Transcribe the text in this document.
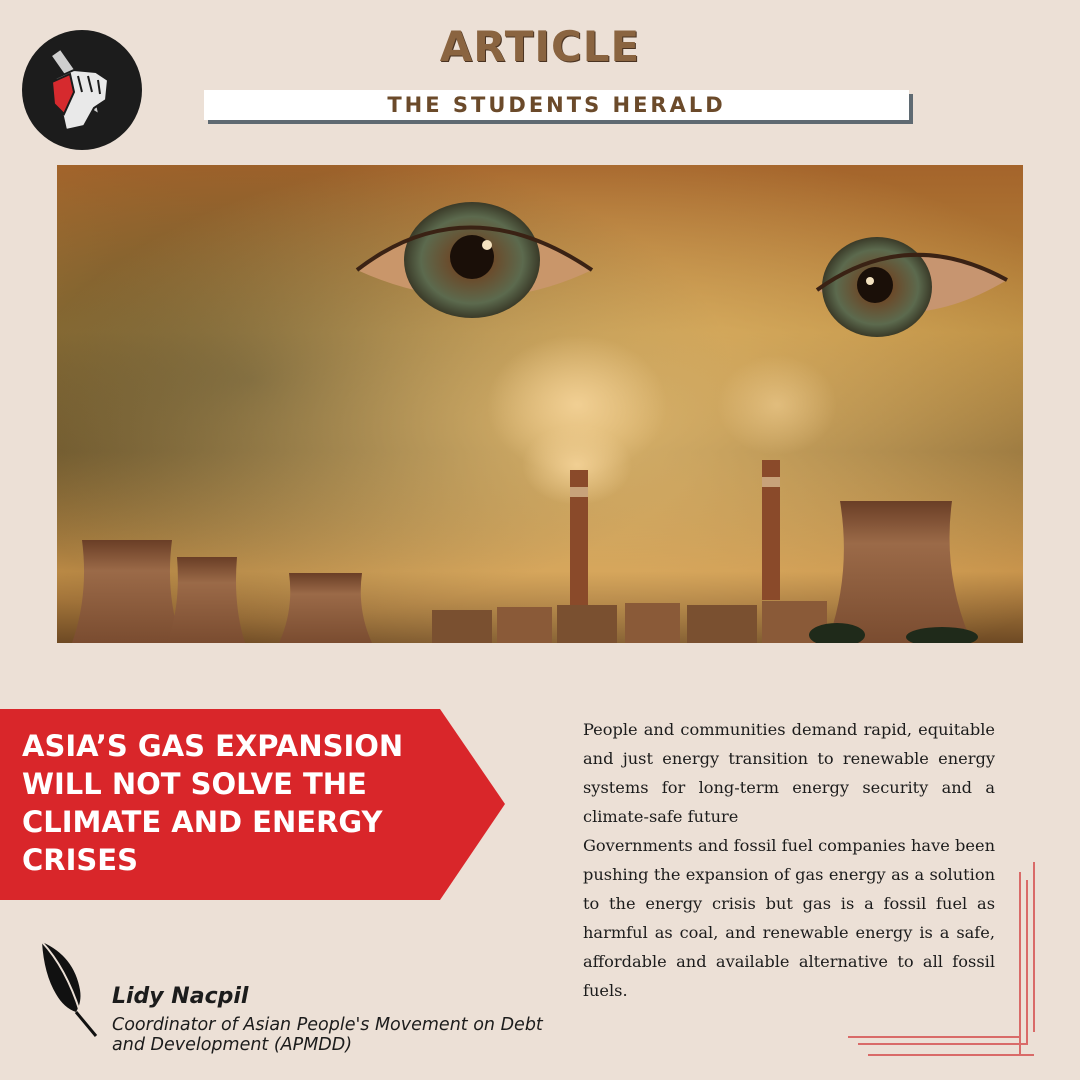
ARTICLE
THE STUDENTS HERALD
ASIA’S GAS EXPANSION WILL NOT SOLVE THE CLIMATE AND ENERGY CRISES

People and communities demand rapid, equitable and just energy transition to renewable energy systems for long-term energy security and a climate-safe future

Governments and fossil fuel companies have been pushing the expansion of gas energy as a solution to the energy crisis but gas is a fossil fuel as harmful as coal, and renewable energy is a safe, affordable and available alternative to all fossil fuels.

Lidy Nacpil

Coordinator of Asian People's Movement on Debt and Development (APMDD)
